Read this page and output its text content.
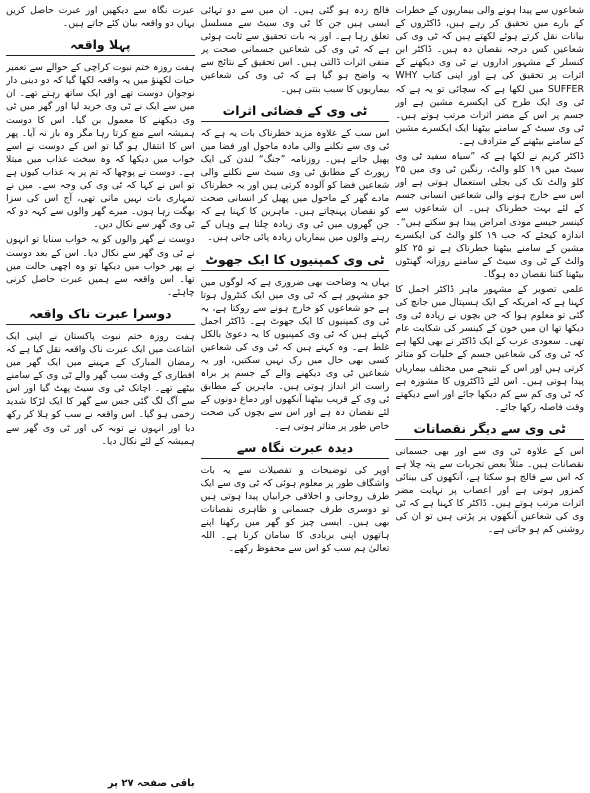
شعاعوں سے پیدا ہونے والی بیماریوں کے خطرات کے بارے میں تحقیق کر رہے ہیں، ڈاکٹروں کے بیانات نقل کرتے ہوئے لکھتے ہیں کہ ٹی وی کی شعاعیں کس درجہ نقصان دہ ہیں۔ ڈاکٹر ابن کنسلر کے مشہور اداروں نے ٹی وی دیکھنے کے اثرات پر تحقیق کی ہے اور اپنی کتاب WHY SUFFER میں لکھا ہے کہ سچائی تو یہ ہے کہ ٹی وی ایک طرح کی ایکسرے مشین ہے اور جسم پر اس کے مضر اثرات مرتب ہوتے ہیں۔ ٹی وی سیٹ کے سامنے بیٹھنا ایک ایکسرے مشین کے سامنے بیٹھنے کے مترادف ہے۔

ڈاکٹر کریم نے لکھا ہے کہ ”سیاہ سفید ٹی وی سیٹ میں ۱۹ کلو والٹ، رنگین ٹی وی میں ۲۵ کلو والٹ تک کی بجلی استعمال ہوتی ہے اور اس سے خارج ہونے والی شعاعیں انسانی جسم کے لئے بہت خطرناک ہیں۔ ان شعاعوں سے کینسر جیسے موذی امراض پیدا ہو سکتے ہیں“۔ اندازہ کیجئے کہ جب ۱۹ کلو والٹ کی ایکسرے مشین کے سامنے بیٹھنا خطرناک ہے تو ۲۵ کلو والٹ کے ٹی وی سیٹ کے سامنے روزانہ گھنٹوں بیٹھنا کتنا نقصان دہ ہوگا۔

علمی تصویر کے مشہور ماہر ڈاکٹر اجمل کا کہنا ہے کہ امریکہ کے ایک ہسپتال میں جانچ کی گئی تو معلوم ہوا کہ جن بچوں نے زیادہ ٹی وی دیکھا تھا ان میں خون کے کینسر کی شکایت عام تھی۔ سعودی عرب کے ایک ڈاکٹر نے بھی لکھا ہے کہ ٹی وی کی شعاعیں جسم کے خلیات کو متاثر کرتی ہیں اور اس کے نتیجے میں مختلف بیماریاں پیدا ہوتی ہیں۔ اس لئے ڈاکٹروں کا مشورہ ہے کہ ٹی وی کم سے کم دیکھا جائے اور اسے دیکھتے وقت فاصلہ رکھا جائے۔

ٹی وی سے دیگر نقصانات

اس کے علاوہ ٹی وی سے اور بھی جسمانی نقصانات ہیں۔ مثلاً بعض تجربات سے پتہ چلا ہے کہ اس سے فالج ہو سکتا ہے، آنکھوں کی بینائی کمزور ہوتی ہے اور اعصاب پر نہایت مضر اثرات مرتب ہوتے ہیں۔ ڈاکٹر کا کہنا ہے کہ ٹی وی کی شعاعیں آنکھوں پر پڑتی ہیں تو ان کی روشنی کم ہو جاتی ہے۔

فالج زدہ ہو گئی ہیں۔ ان میں سے دو تہائی ایسی ہیں جن کا ٹی وی سیٹ سے مسلسل تعلق رہا ہے۔ اور یہ بات تحقیق سے ثابت ہوئی ہے کہ ٹی وی کی شعاعیں جسمانی صحت پر منفی اثرات ڈالتی ہیں۔ اس تحقیق کے نتائج سے یہ واضح ہو گیا ہے کہ ٹی وی کی شعاعیں بیماریوں کا سبب بنتی ہیں۔

ٹی وی کے فضائی اثرات

اس سب کے علاوہ مزید خطرناک بات یہ ہے کہ ٹی وی سے نکلنے والی مادہ ماحول اور فضا میں پھیل جاتے ہیں۔ روزنامہ ”جنگ“ لندن کی ایک رپورٹ کے مطابق ٹی وی سیٹ سے نکلنے والی شعاعیں فضا کو آلودہ کرتی ہیں اور یہ خطرناک مادے گھر کے ماحول میں پھیل کر انسانی صحت کو نقصان پہنچاتے ہیں۔ ماہرین کا کہنا ہے کہ جن گھروں میں ٹی وی زیادہ چلتا ہے وہاں کے رہنے والوں میں بیماریاں زیادہ پائی جاتی ہیں۔

ٹی وی کمپنیوں کا ایک جھوٹ

یہاں یہ وضاحت بھی ضروری ہے کہ لوگوں میں جو مشہور ہے کہ ٹی وی میں ایک کنٹرول ہوتا ہے جو شعاعوں کو خارج ہونے سے روکتا ہے، یہ ٹی وی کمپنیوں کا ایک جھوٹ ہے۔ ڈاکٹر اجمل کہتے ہیں کہ ٹی وی کمپنیوں کا یہ دعویٰ بالکل غلط ہے۔ وہ کہتے ہیں کہ ٹی وی کی شعاعیں کسی بھی حال میں رک نہیں سکتیں، اور یہ شعاعیں ٹی وی دیکھنے والے کے جسم پر براہ راست اثر انداز ہوتی ہیں۔ ماہرین کے مطابق ٹی وی کے قریب بیٹھنا آنکھوں اور دماغ دونوں کے لئے نقصان دہ ہے اور اس سے بچوں کی صحت خاص طور پر متاثر ہوتی ہے۔

دیدہ عبرت نگاہ سے

اوپر کی توضیحات و تفصیلات سے یہ بات واشگاف طور پر معلوم ہوئی کہ ٹی وی سے ایک طرف روحانی و اخلاقی خرابیاں پیدا ہوتی ہیں تو دوسری طرف جسمانی و ظاہری نقصانات بھی ہیں۔ ایسی چیز کو گھر میں رکھنا اپنے ہاتھوں اپنی بربادی کا سامان کرنا ہے۔ اللہ تعالیٰ ہم سب کو اس سے محفوظ رکھے۔

عبرت نگاہ سے دیکھیں اور عبرت حاصل کریں یہاں دو واقعہ بیان کئے جاتے ہیں۔

پہلا واقعہ

ہفت روزہ ختم نبوت کراچی کے حوالے سے تعمیر حیات لکھنؤ میں یہ واقعہ لکھا گیا کہ دو دینی دار نوجوان دوست تھے اور ایک ساتھ رہتے تھے۔ ان میں سے ایک نے ٹی وی خرید لیا اور گھر میں ٹی وی دیکھنے کا معمول بن گیا۔ اس کا دوست ہمیشہ اسے منع کرتا رہا مگر وہ باز نہ آیا۔ پھر اس کا انتقال ہو گیا تو اس کے دوست نے اسے خواب میں دیکھا کہ وہ سخت عذاب میں مبتلا ہے۔ دوست نے پوچھا کہ تم پر یہ عذاب کیوں ہے تو اس نے کہا کہ ٹی وی کی وجہ سے۔ میں نے تمہاری بات نہیں مانی تھی، آج اس کی سزا بھگت رہا ہوں۔ میرے گھر والوں سے کہہ دو کہ ٹی وی گھر سے نکال دیں۔

دوست نے گھر والوں کو یہ خواب سنایا تو انہوں نے ٹی وی گھر سے نکال دیا۔ اس کے بعد دوست نے پھر خواب میں دیکھا تو وہ اچھی حالت میں تھا۔ اس واقعہ سے ہمیں عبرت حاصل کرنی چاہئے۔

دوسرا عبرت ناک واقعہ

ہفت روزہ ختم نبوت پاکستان نے اپنی ایک اشاعت میں ایک عبرت ناک واقعہ نقل کیا ہے کہ رمضان المبارک کے مہینے میں ایک گھر میں افطاری کے وقت سب گھر والے ٹی وی کے سامنے بیٹھے تھے۔ اچانک ٹی وی سیٹ پھٹ گیا اور اس سے آگ لگ گئی جس سے گھر کا ایک لڑکا شدید زخمی ہو گیا۔ اس واقعہ نے سب کو ہلا کر رکھ دیا اور انہوں نے توبہ کی اور ٹی وی گھر سے ہمیشہ کے لئے نکال دیا۔

باقی صفحہ ۲۷ پر
